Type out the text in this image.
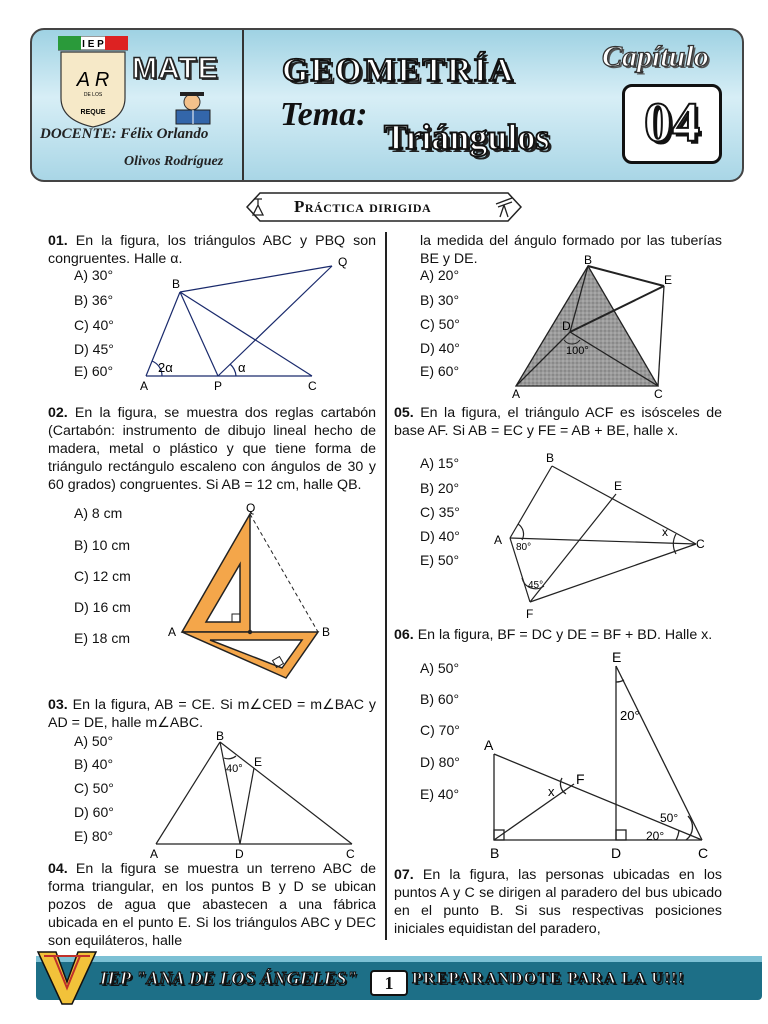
I E P
A R
DE LOS
REQUE
MATE
DOCENTE: Félix Orlando
Olivos Rodríguez
GEOMETRÍA
Tema:
Triángulos
Capítulo
04
Práctica dirigida
01. En la figura, los triángulos ABC y PBQ son congruentes. Halle α.
A) 30°
B) 36°
C) 40°
D) 45°
E) 60°
B
Q
A	P	C
2α	α
02. En la figura, se muestra dos reglas cartabón (Cartabón: instrumento de dibujo lineal hecho de madera, metal o plástico y que tiene forma de triángulo rectángulo escaleno con ángulos de 30 y 60 grados) congruentes. Si AB = 12 cm, halle QB.
A) 8 cm
B) 10 cm
C) 12 cm
D) 16 cm
E) 18 cm
Q
A	B
03. En la figura, AB = CE. Si m∠CED = m∠BAC y AD = DE, halle m∠ABC.
A) 50°
B) 40°
C) 50°
D) 60°
E) 80°
B
E
A	D	C
40°
04. En la figura se muestra un terreno ABC de forma triangular, en los puntos B y D se ubican pozos de agua que abastecen a una fábrica ubicada en el punto E. Si los triángulos ABC y DEC son equiláteros, halle
la medida del ángulo formado por las tuberías BE y DE.
A) 20°
B) 30°
C) 50°
D) 40°
E) 60°
B
E
D
A	C
100°
05. En la figura, el triángulo ACF es isósceles de base AF. Si AB = EC y FE = AB + BE, halle x.
A) 15°
B) 20°
C) 35°
D) 40°
E) 50°
B
E
A	C
F
x
80°
45°
06. En la figura, BF = DC y DE = BF + BD. Halle x.
A) 50°
B) 60°
C) 70°
D) 80°
E) 40°
E
A
F
x
B	D	C
20°
50°
20°
07. En la figura, las personas ubicadas en los puntos A y C se dirigen al paradero del bus ubicado en el punto B. Si sus respectivas posiciones iniciales equidistan del paradero,
IEP "ANA DE LOS ÁNGELES"	1	PREPARANDOTE PARA LA U!!!
